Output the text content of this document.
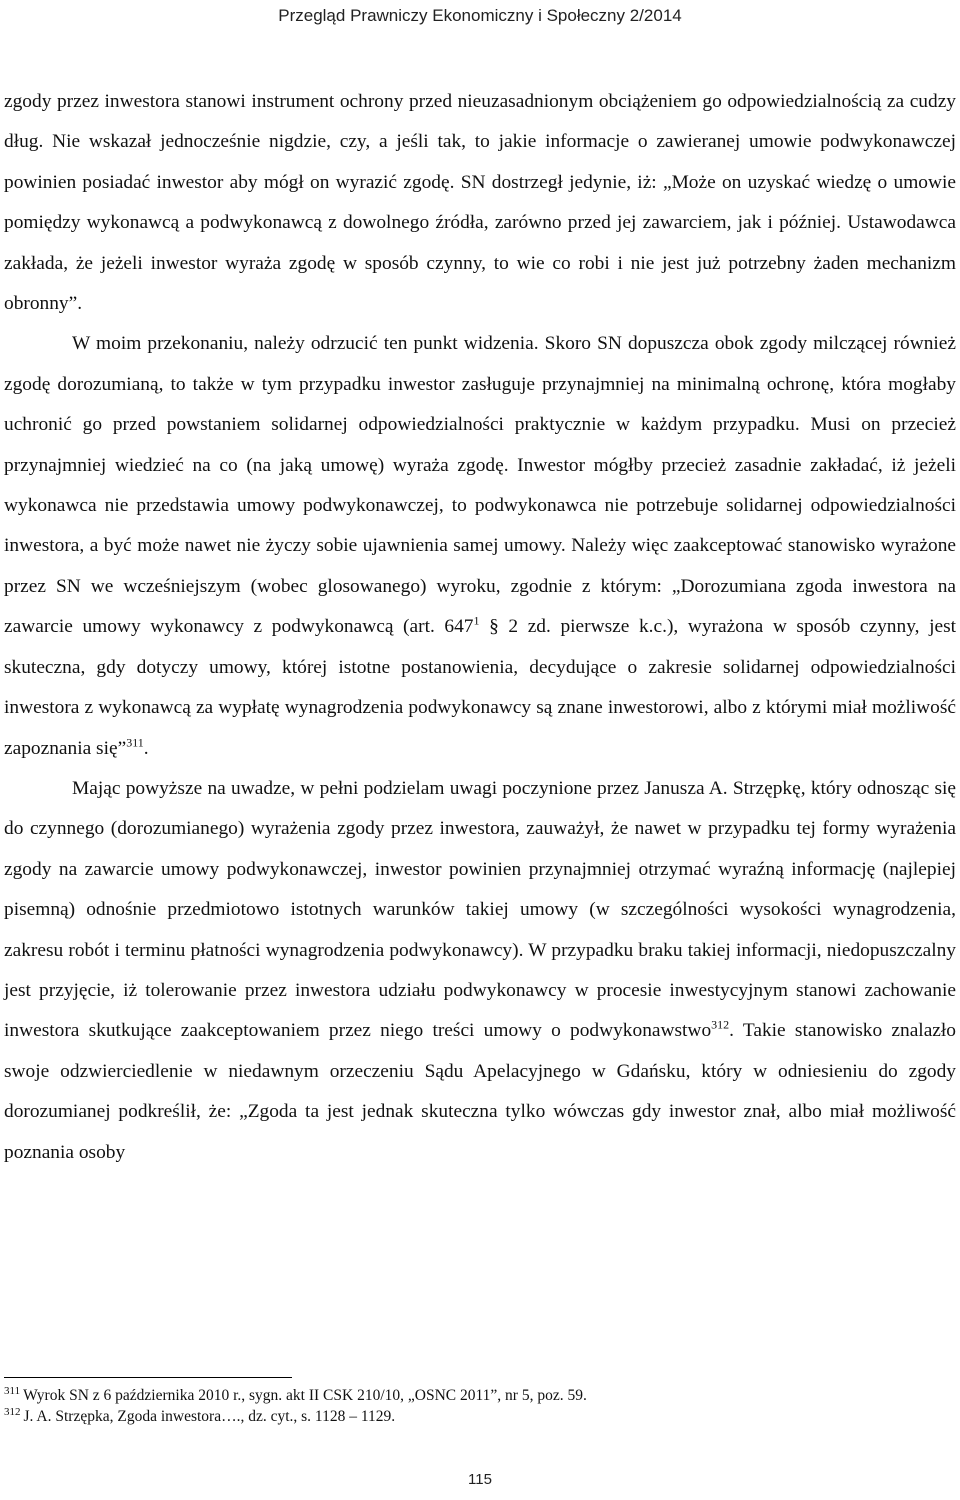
Przegląd Prawniczy Ekonomiczny i Społeczny 2/2014

zgody przez inwestora stanowi instrument ochrony przed nieuzasadnionym obciążeniem go odpowiedzialnością za cudzy dług. Nie wskazał jednocześnie nigdzie, czy, a jeśli tak, to jakie informacje o zawieranej umowie podwykonawczej powinien posiadać inwestor aby mógł on wyrazić zgodę. SN dostrzegł jedynie, iż: „Może on uzyskać wiedzę o umowie pomiędzy wykonawcą a podwykonawcą z dowolnego źródła, zarówno przed jej zawarciem, jak i później. Ustawodawca zakłada, że jeżeli inwestor wyraża zgodę w sposób czynny, to wie co robi i nie jest już potrzebny żaden mechanizm obronny”.

W moim przekonaniu, należy odrzucić ten punkt widzenia. Skoro SN dopuszcza obok zgody milczącej również zgodę dorozumianą, to także w tym przypadku inwestor zasługuje przynajmniej na minimalną ochronę, która mogłaby uchronić go przed powstaniem solidarnej odpowiedzialności praktycznie w każdym przypadku. Musi on przecież przynajmniej wiedzieć na co (na jaką umowę) wyraża zgodę. Inwestor mógłby przecież zasadnie zakładać, iż jeżeli wykonawca nie przedstawia umowy podwykonawczej, to podwykonawca nie potrzebuje solidarnej odpowiedzialności inwestora, a być może nawet nie życzy sobie ujawnienia samej umowy. Należy więc zaakceptować stanowisko wyrażone przez SN we wcześniejszym (wobec glosowanego) wyroku, zgodnie z którym: „Dorozumiana zgoda inwestora na zawarcie umowy wykonawcy z podwykonawcą (art. $647^1$ § 2 zd. pierwsze k.c.), wyrażona w sposób czynny, jest skuteczna, gdy dotyczy umowy, której istotne postanowienia, decydujące o zakresie solidarnej odpowiedzialności inwestora z wykonawcą za wypłatę wynagrodzenia podwykonawcy są znane inwestorowi, albo z którymi miał możliwość zapoznania się”$^{311}$.

Mając powyższe na uwadze, w pełni podzielam uwagi poczynione przez Janusza A. Strzępkę, który odnosząc się do czynnego (dorozumianego) wyrażenia zgody przez inwestora, zauważył, że nawet w przypadku tej formy wyrażenia zgody na zawarcie umowy podwykonawczej, inwestor powinien przynajmniej otrzymać wyraźną informację (najlepiej pisemną) odnośnie przedmiotowo istotnych warunków takiej umowy (w szczególności wysokości wynagrodzenia, zakresu robót i terminu płatności wynagrodzenia podwykonawcy). W przypadku braku takiej informacji, niedopuszczalny jest przyjęcie, iż tolerowanie przez inwestora udziału podwykonawcy w procesie inwestycyjnym stanowi zachowanie inwestora skutkujące zaakceptowaniem przez niego treści umowy o podwykonawstwo$^{312}$. Takie stanowisko znalazło swoje odzwierciedlenie w niedawnym orzeczeniu Sądu Apelacyjnego w Gdańsku, który w odniesieniu do zgody dorozumianej podkreślił, że: „Zgoda ta jest jednak skuteczna tylko wówczas gdy inwestor znał, albo miał możliwość poznania osoby

$^{311}$ Wyrok SN z 6 października 2010 r., sygn. akt II CSK 210/10, „OSNC 2011”, nr 5, poz. 59.
$^{312}$ J. A. Strzępka, Zgoda inwestora…., dz. cyt., s. 1128 – 1129.
115
